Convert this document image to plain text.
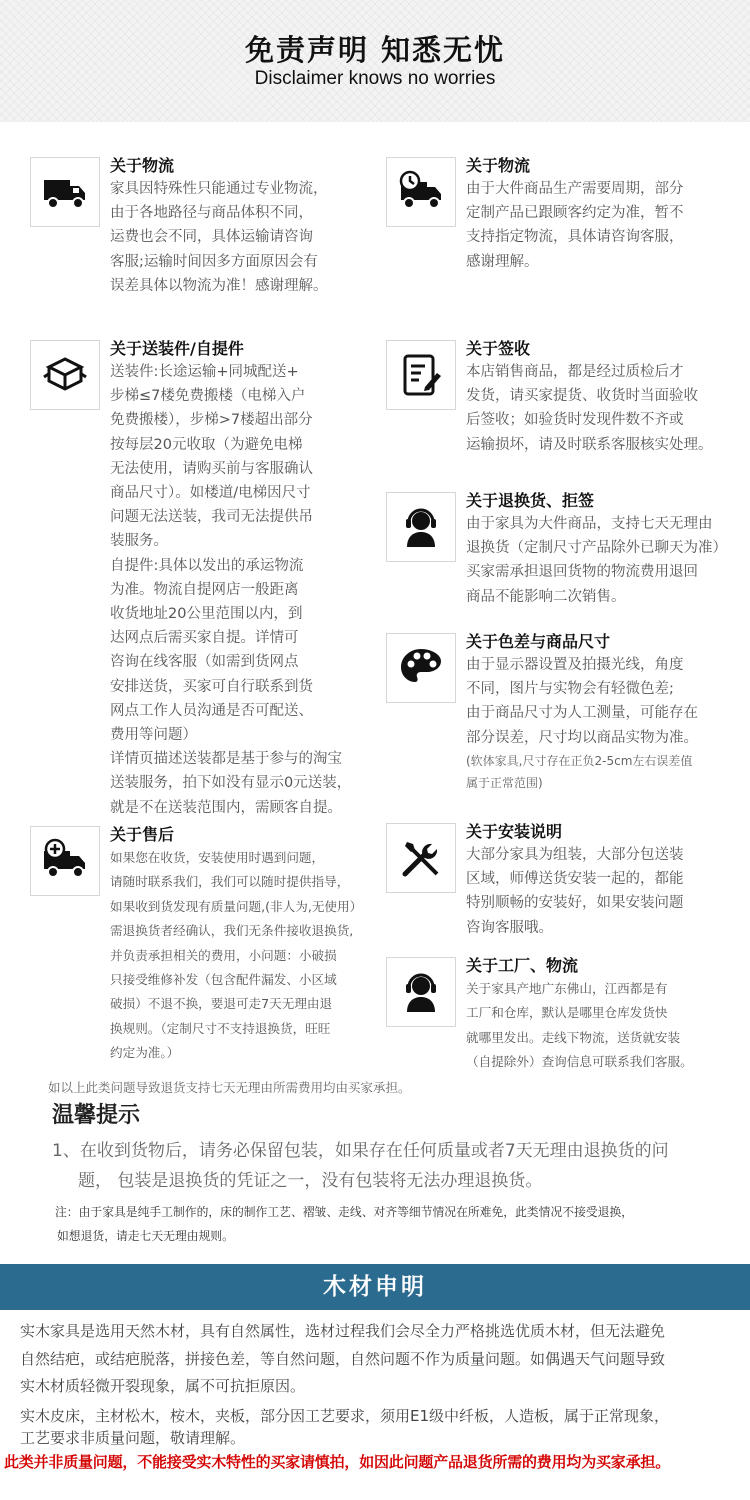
免责声明 知悉无忧
Disclaimer knows no worries
关于物流
家具因特殊性只能通过专业物流，
由于各地路径与商品体积不同，
运费也会不同，具体运输请咨询
客服;运输时间因多方面原因会有
误差具体以物流为准！感谢理解。
关于送装件/自提件
送装件:长途运输+同城配送+
步梯≤7楼免费搬楼（电梯入户
免费搬楼），步梯>7楼超出部分
按每层20元收取（为避免电梯
无法使用，请购买前与客服确认
商品尺寸）。如楼道/电梯因尺寸
问题无法送装，我司无法提供吊
装服务。
自提件:具体以发出的承运物流
为准。物流自提网店一般距离
收货地址20公里范围以内，到
达网点后需买家自提。详情可
咨询在线客服（如需到货网点
安排送货，买家可自行联系到货
网点工作人员沟通是否可配送、
费用等问题）
详情页描述送装都是基于参与的淘宝
送装服务，拍下如没有显示0元送装，
就是不在送装范围内，需顾客自提。
关于售后
如果您在收货，安装使用时遇到问题，
请随时联系我们，我们可以随时提供指导，
如果收到货发现有质量问题,(非人为,无使用）
需退换货者经确认，我们无条件接收退换货,
并负责承担相关的费用，小问题：小破损
只接受维修补发（包含配件漏发、小区域
破损）不退不换，要退可走7天无理由退
换规则。（定制尺寸不支持退换货，旺旺
约定为准。）
关于物流
由于大件商品生产需要周期，部分
定制产品已跟顾客约定为准，暂不
支持指定物流，具体请咨询客服，
感谢理解。
关于签收
本店销售商品，都是经过质检后才
发货，请买家提货、收货时当面验收
后签收；如验货时发现件数不齐或
运输损坏，请及时联系客服核实处理。
关于退换货、拒签
由于家具为大件商品，支持七天无理由
退换货（定制尺寸产品除外已聊天为准）
买家需承担退回货物的物流费用退回
商品不能影响二次销售。
关于色差与商品尺寸
由于显示器设置及拍摄光线，角度
不同，图片与实物会有轻微色差;
由于商品尺寸为人工测量，可能存在
部分误差，尺寸均以商品实物为准。
(软体家具,尺寸存在正负2-5cm左右误差值
属于正常范围)
关于安装说明
大部分家具为组装，大部分包送装
区域，师傅送货安装一起的，都能
特别顺畅的安装好，如果安装问题
咨询客服哦。
关于工厂、物流
关于家具产地广东佛山，江西都是有
工厂和仓库，默认是哪里仓库发货快
就哪里发出。走线下物流，送货就安装
（自提除外）查询信息可联系我们客服。
如以上此类问题导致退货支持七天无理由所需费用均由买家承担。
温馨提示
1、在收到货物后，请务必保留包装，如果存在任何质量或者7天无理由退换货的问
题， 包装是退换货的凭证之一，没有包装将无法办理退换货。
注：由于家具是纯手工制作的，床的制作工艺、褶皱、走线、对齐等细节情况在所难免，此类情况不接受退换，
如想退货，请走七天无理由规则。
木材申明
实木家具是选用天然木材，具有自然属性，选材过程我们会尽全力严格挑选优质木材，但无法避免
自然结疤，或结疤脱落，拼接色差，等自然问题，自然问题不作为质量问题。如偶遇天气问题导致
实木材质轻微开裂现象，属不可抗拒原因。
实木皮床，主材松木，桉木，夹板，部分因工艺要求，须用E1级中纤板，人造板，属于正常现象，
工艺要求非质量问题，敬请理解。
此类并非质量问题，不能接受实木特性的买家请慎拍，如因此问题产品退货所需的费用均为买家承担。
